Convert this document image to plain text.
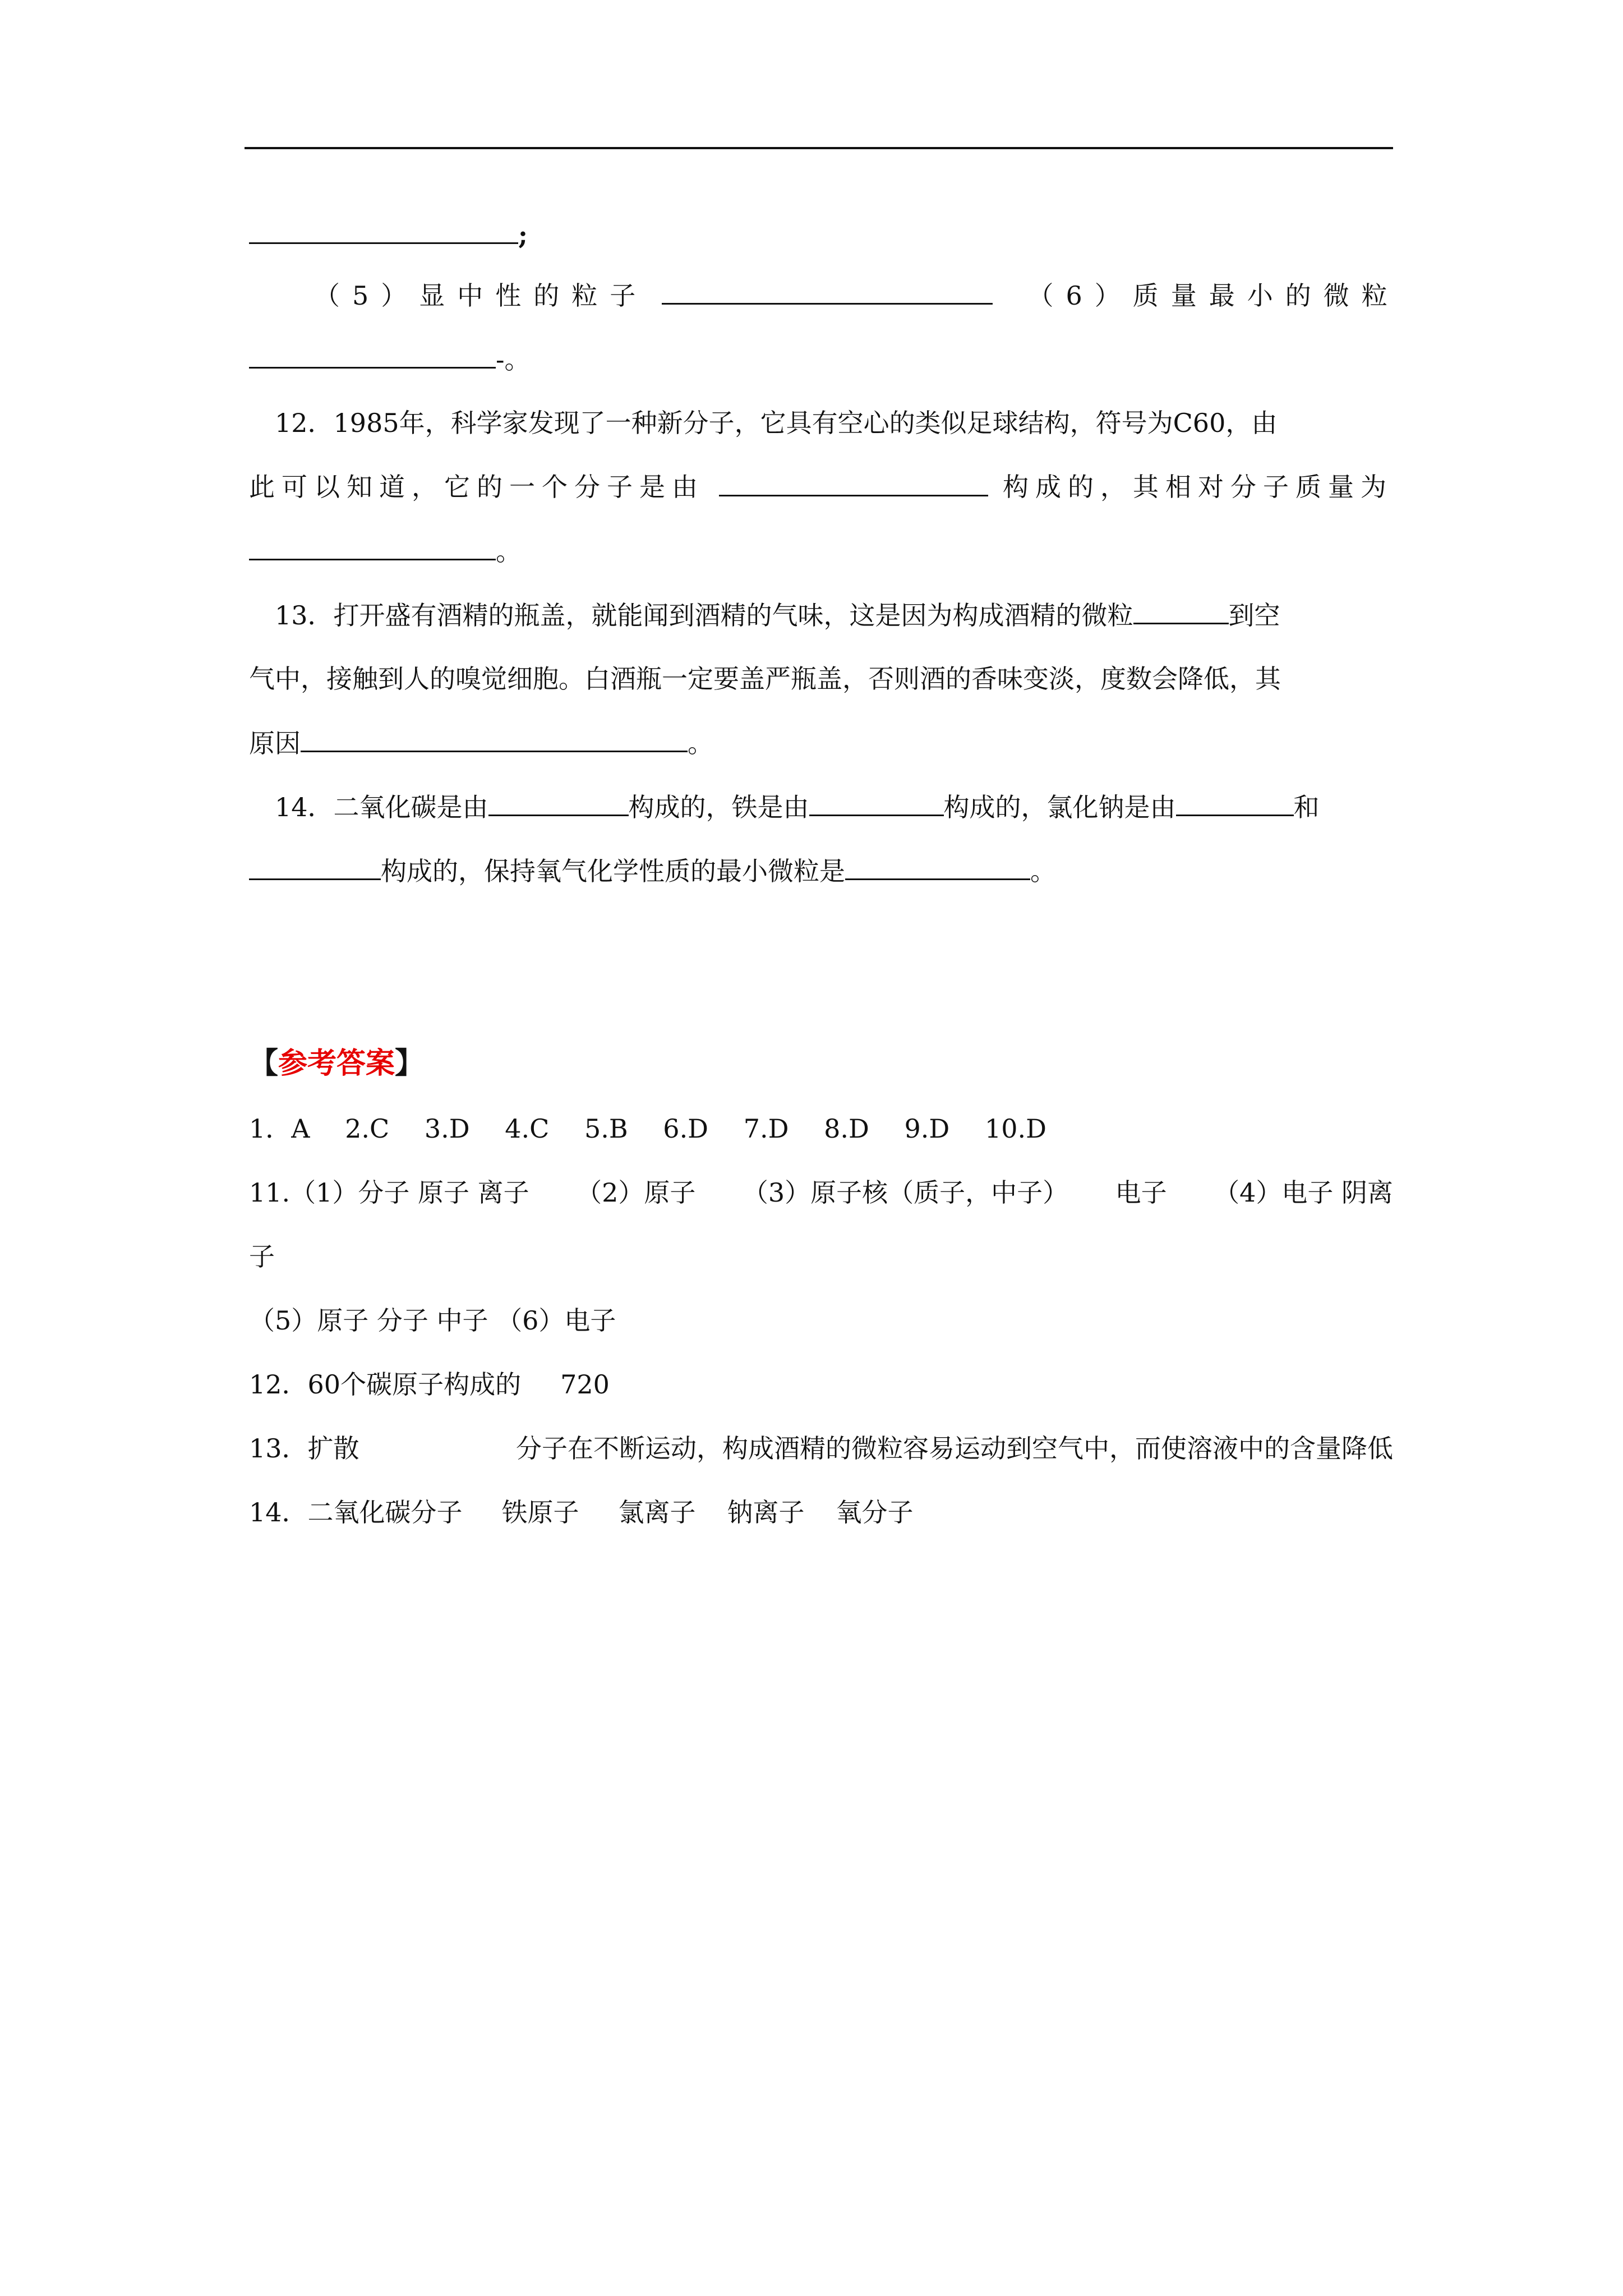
;
（5）显中性的粒子	（6）质量最小的微粒
-。
12．1985年，科学家发现了一种新分子，它具有空心的类似足球结构，符号为C60，由
此可以知道，它的一个分子是由	构成的，其相对分子质量为
。
13．打开盛有酒精的瓶盖，就能闻到酒精的气味，这是因为构成酒精的微粒	到空
气中，接触到人的嗅觉细胞。白酒瓶一定要盖严瓶盖，否则酒的香味变淡，度数会降低，其
原因	。
14．二氧化碳是由	构成的，铁是由	构成的，氯化钠是由	和
构成的，保持氧气化学性质的最小微粒是	。
【参考答案】
1．A 2.C 3.D 4.C 5.B 6.D 7.D 8.D 9.D 10.D
11.（1）分子 原子 离子 （2）原子 （3）原子核（质子，中子） 电子 （4）电子 阴离
子
（5）原子 分子 中子 （6）电子
12．60个碳原子构成的 720
13．扩散	分子在不断运动，构成酒精的微粒容易运动到空气中，而使溶液中的含量降低
14．二氧化碳分子 铁原子 氯离子 钠离子 氧分子
